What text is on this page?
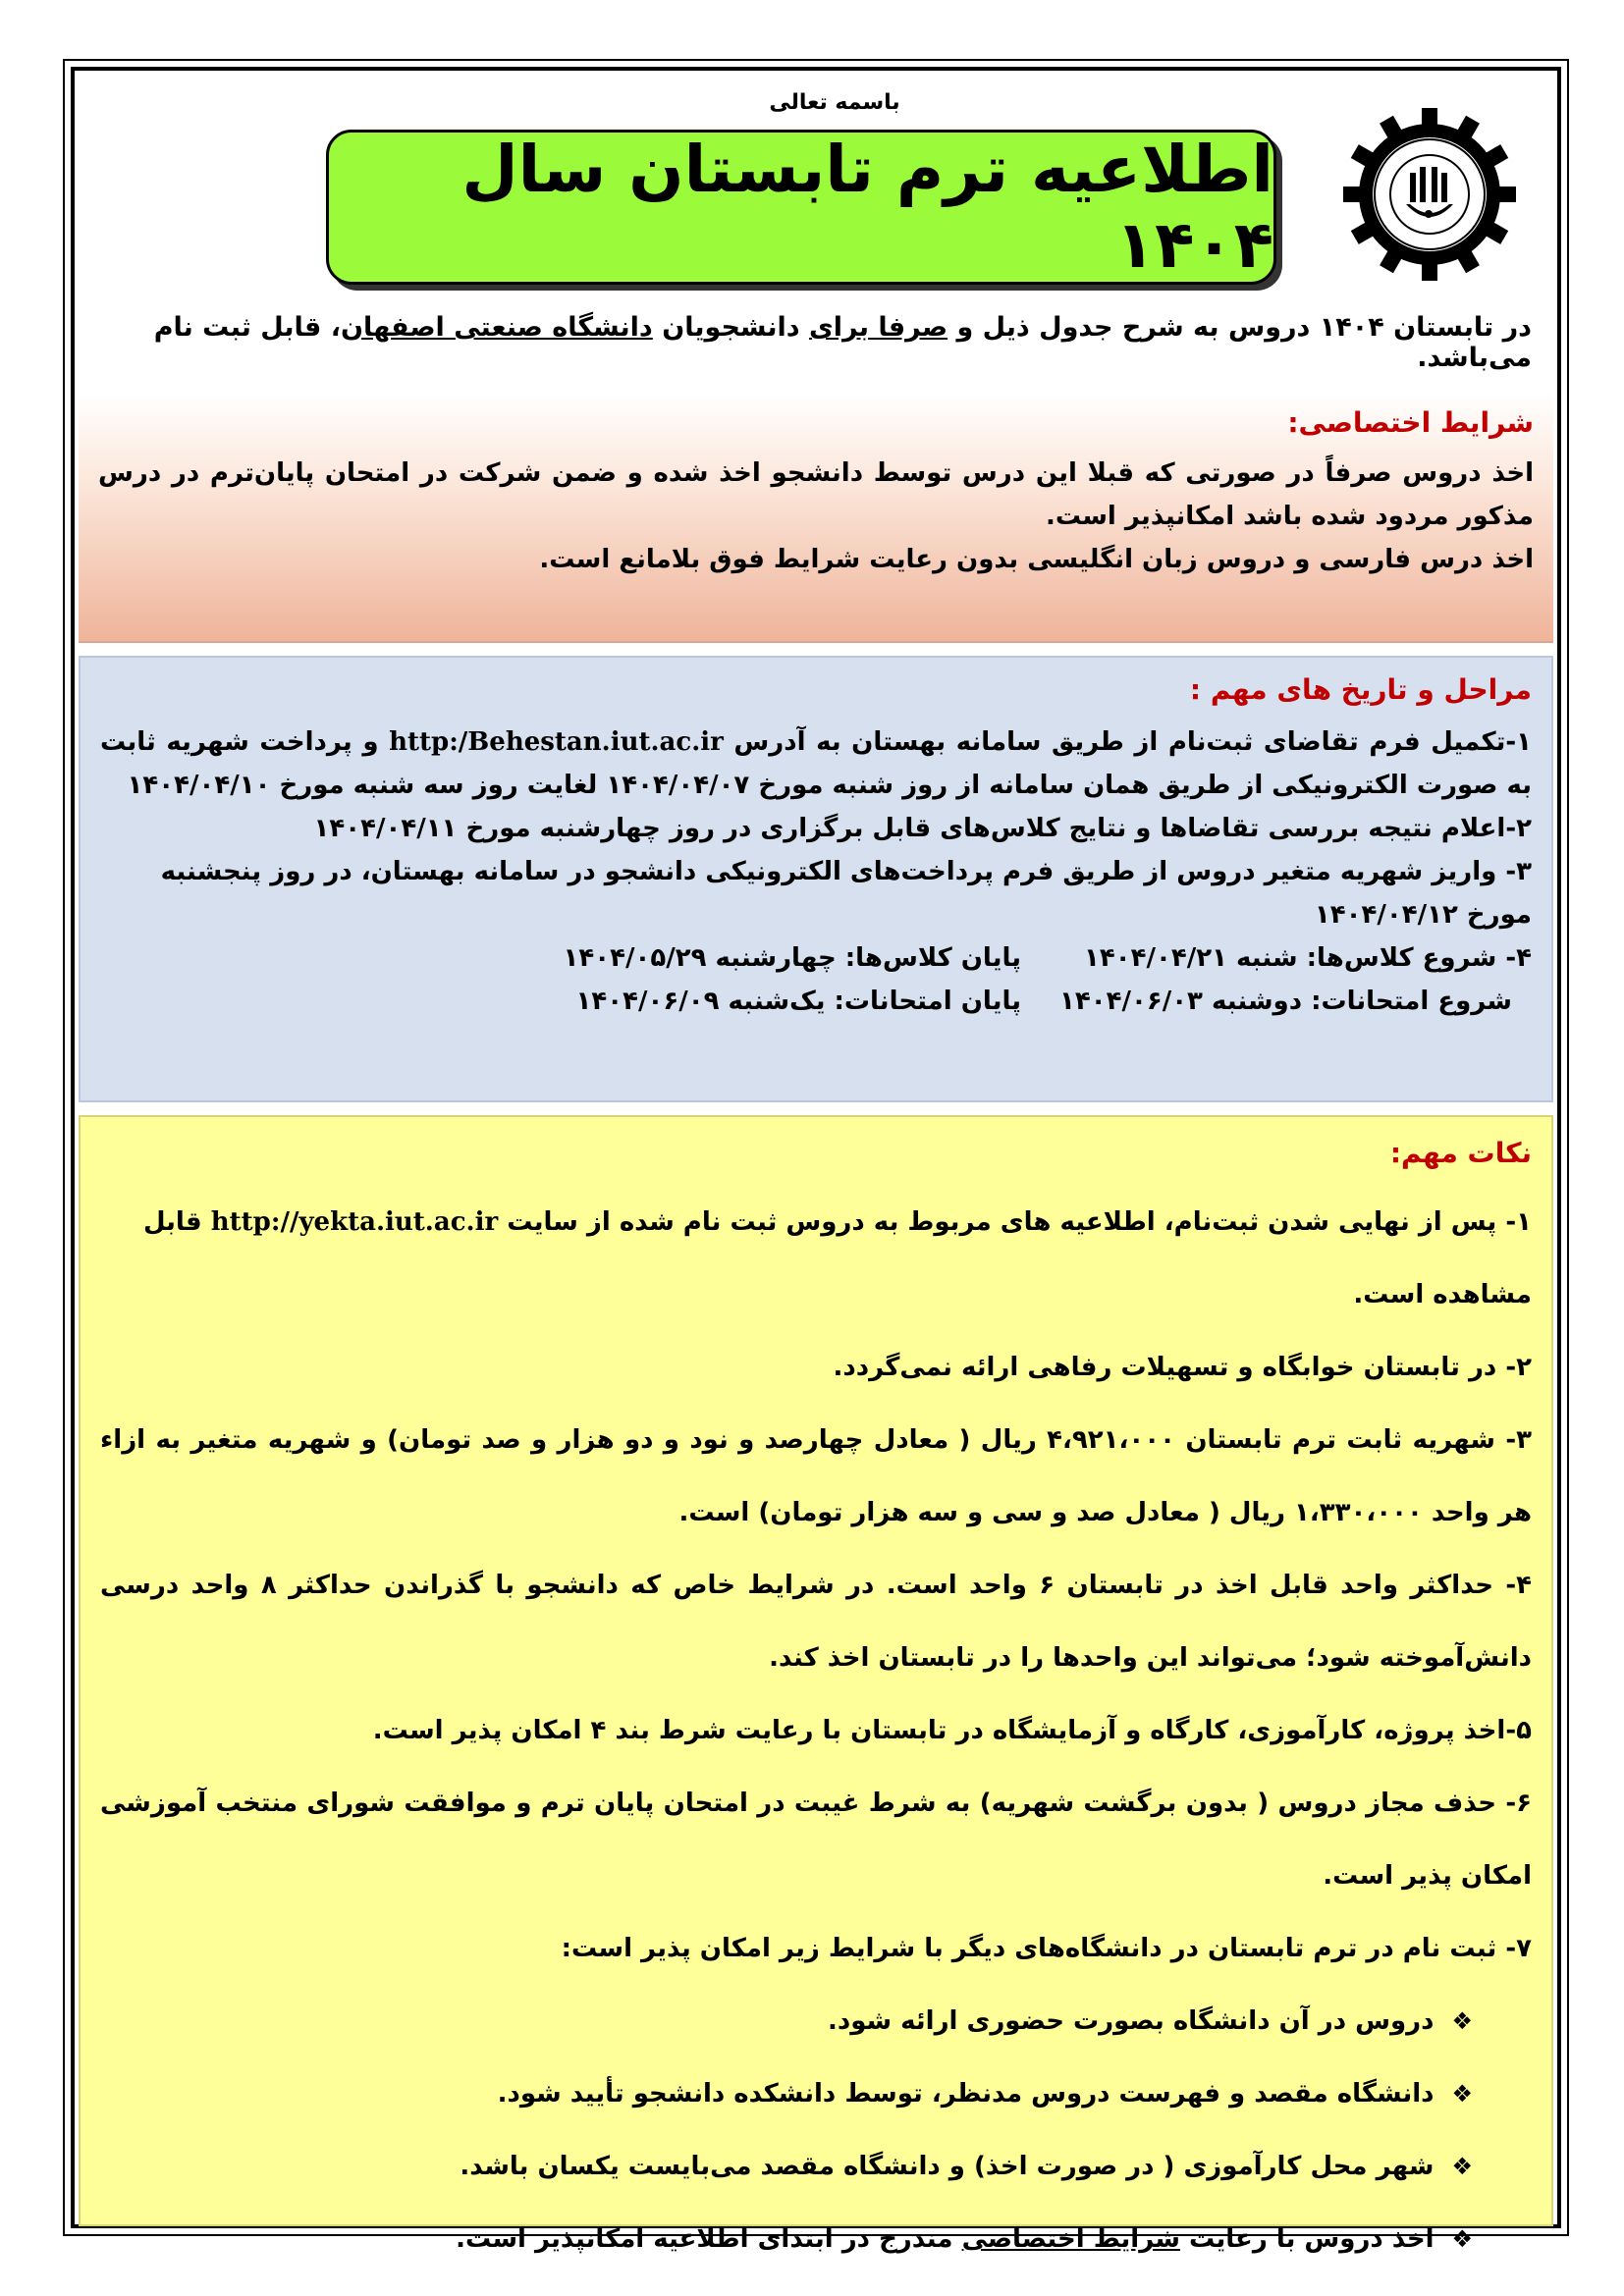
باسمه تعالی
اطلاعیه ترم تابستان سال ۱۴۰۴
در تابستان ۱۴۰۴ دروس به شرح جدول ذیل و صرفا برای دانشجویان دانشگاه صنعتی اصفهان، قابل ثبت نام می‌باشد.
شرایط اختصاصی:

اخذ دروس صرفاً در صورتی که قبلا این درس توسط دانشجو اخذ شده و ضمن شرکت در امتحان پایان‌ترم در درس مذکور مردود شده باشد امکانپذیر است.

اخذ درس فارسی و دروس زبان انگلیسی بدون رعایت شرایط فوق بلامانع است.

مراحل و تاریخ های مهم :

۱-تکمیل فرم تقاضای ثبت‌نام از طریق سامانه بهستان به آدرس http:/Behestan.iut.ac.ir و پرداخت شهریه ثابت به صورت الکترونیکی از طریق همان سامانه از روز شنبه مورخ ۱۴۰۴/۰۴/۰۷ لغایت روز سه شنبه مورخ ۱۴۰۴/۰۴/۱۰

۲-اعلام نتیجه بررسی تقاضاها و نتایج کلاس‌های قابل برگزاری در روز چهارشنبه مورخ ۱۴۰۴/۰۴/۱۱

۳- واریز شهریه متغیر دروس از طریق فرم پرداخت‌های الکترونیکی دانشجو در سامانه بهستان، در روز پنجشنبه مورخ ۱۴۰۴/۰۴/۱۲

۴- شروع کلاس‌ها: شنبه ۱۴۰۴/۰۴/۲۱
پایان کلاس‌ها: چهارشنبه ۱۴۰۴/۰۵/۲۹

شروع امتحانات: دوشنبه ۱۴۰۴/۰۶/۰۳
پایان امتحانات: یک‌شنبه ۱۴۰۴/۰۶/۰۹

نکات مهم:

۱- پس از نهایی شدن ثبت‌نام، اطلاعیه های مربوط به دروس ثبت نام شده از سایت http://yekta.iut.ac.ir قابل مشاهده است.

۲- در تابستان خوابگاه و تسهیلات رفاهی ارائه نمی‌گردد.

۳- شهریه ثابت ترم تابستان ۴،۹۲۱،۰۰۰ ریال ( معادل چهارصد و نود و دو هزار و صد تومان) و شهریه متغیر به ازاء هر واحد ۱،۳۳۰،۰۰۰ ریال ( معادل صد و سی و سه هزار تومان) است.

۴- حداکثر واحد قابل اخذ در تابستان ۶ واحد است. در شرایط خاص که دانشجو با گذراندن حداکثر ۸ واحد درسی دانش‌آموخته شود؛ می‌تواند این واحدها را در تابستان اخذ کند.

۵-اخذ پروژه، کارآموزی، کارگاه و آزمایشگاه در تابستان با رعایت شرط بند ۴ امکان پذیر است.

۶- حذف مجاز دروس ( بدون برگشت شهریه) به شرط غیبت در امتحان پایان ترم و موافقت شورای منتخب آموزشی امکان پذیر است.

۷- ثبت نام در ترم تابستان در دانشگاه‌های دیگر با شرایط زیر امکان پذیر است:

❖دروس در آن دانشگاه بصورت حضوری ارائه شود.

❖دانشگاه مقصد و فهرست دروس مدنظر، توسط دانشکده دانشجو تأیید شود.

❖شهر محل کارآموزی ( در صورت اخذ) و دانشگاه مقصد می‌بایست یکسان باشد.

❖اخذ دروس با رعایت شرایط اختصاصی مندرج در ابتدای اطلاعیه امکانپذیر است.
